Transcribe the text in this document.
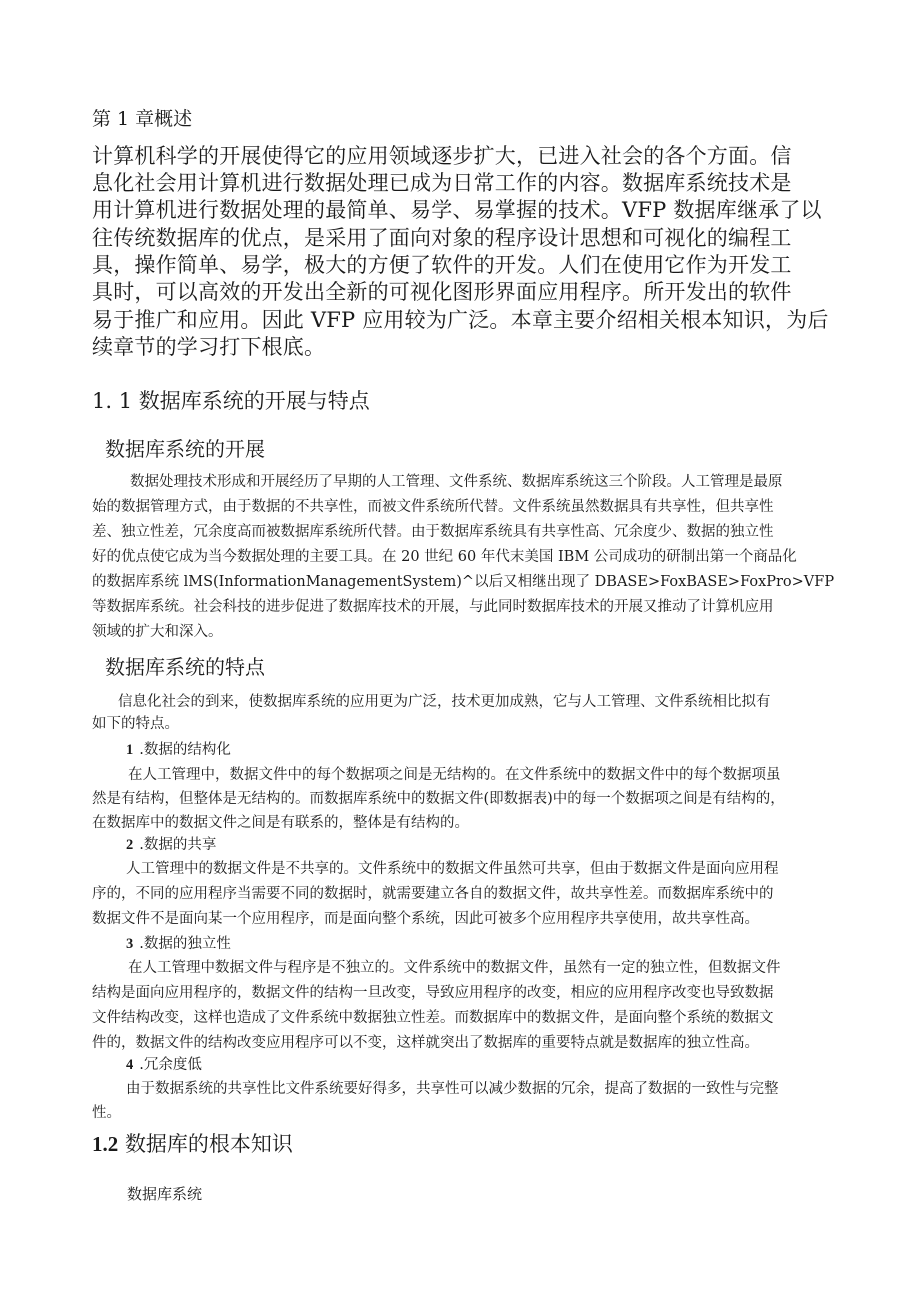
第 1 章概述

计算机科学的开展使得它的应用领域逐步扩大，已进入社会的各个方面。信

息化社会用计算机进行数据处理已成为日常工作的内容。数据库系统技术是

用计算机进行数据处理的最简单、易学、易掌握的技术。VFP 数据库继承了以

往传统数据库的优点，是采用了面向对象的程序设计思想和可视化的编程工

具，操作简单、易学，极大的方便了软件的开发。人们在使用它作为开发工

具时，可以高效的开发出全新的可视化图形界面应用程序。所开发出的软件

易于推广和应用。因此 VFP 应用较为广泛。本章主要介绍相关根本知识，为后

续章节的学习打下根底。

1. 1 数据库系统的开展与特点

数据库系统的开展

数据处理技术形成和开展经历了早期的人工管理、文件系统、数据库系统这三个阶段。人工管理是最原
始的数据管理方式，由于数据的不共享性，而被文件系统所代替。文件系统虽然数据具有共享性，但共享性
差、独立性差，冗余度高而被数据库系统所代替。由于数据库系统具有共享性高、冗余度少、数据的独立性
好的优点使它成为当今数据处理的主要工具。在 20 世纪 60 年代末美国 IBM 公司成功的研制出第一个商品化
的数据库系统 lMS(InformationManagementSystem)^以后又相继出现了 DBASE>FoxBASE>FoxPro>VFP
等数据库系统。社会科技的进步促进了数据库技术的开展，与此同时数据库技术的开展又推动了计算机应用
领域的扩大和深入。

数据库系统的特点

信息化社会的到来，使数据库系统的应用更为广泛，技术更加成熟，它与人工管理、文件系统相比拟有
如下的特点。

1 .数据的结构化

在人工管理中，数据文件中的每个数据项之间是无结构的。在文件系统中的数据文件中的每个数据项虽
然是有结构，但整体是无结构的。而数据库系统中的数据文件(即数据表)中的每一个数据项之间是有结构的，
在数据库中的数据文件之间是有联系的，整体是有结构的。

2 .数据的共享

人工管理中的数据文件是不共享的。文件系统中的数据文件虽然可共享，但由于数据文件是面向应用程
序的，不同的应用程序当需要不同的数据时，就需要建立各自的数据文件，故共享性差。而数据库系统中的
数据文件不是面向某一个应用程序，而是面向整个系统，因此可被多个应用程序共享使用，故共享性高。

3 .数据的独立性

在人工管理中数据文件与程序是不独立的。文件系统中的数据文件，虽然有一定的独立性，但数据文件
结构是面向应用程序的，数据文件的结构一旦改变，导致应用程序的改变，相应的应用程序改变也导致数据
文件结构改变，这样也造成了文件系统中数据独立性差。而数据库中的数据文件，是面向整个系统的数据文
件的，数据文件的结构改变应用程序可以不变，这样就突出了数据库的重要特点就是数据库的独立性高。

4 .冗余度低

由于数据系统的共享性比文件系统要好得多，共享性可以减少数据的冗余，提高了数据的一致性与完整
性。

1.2 数据库的根本知识

数据库系统
